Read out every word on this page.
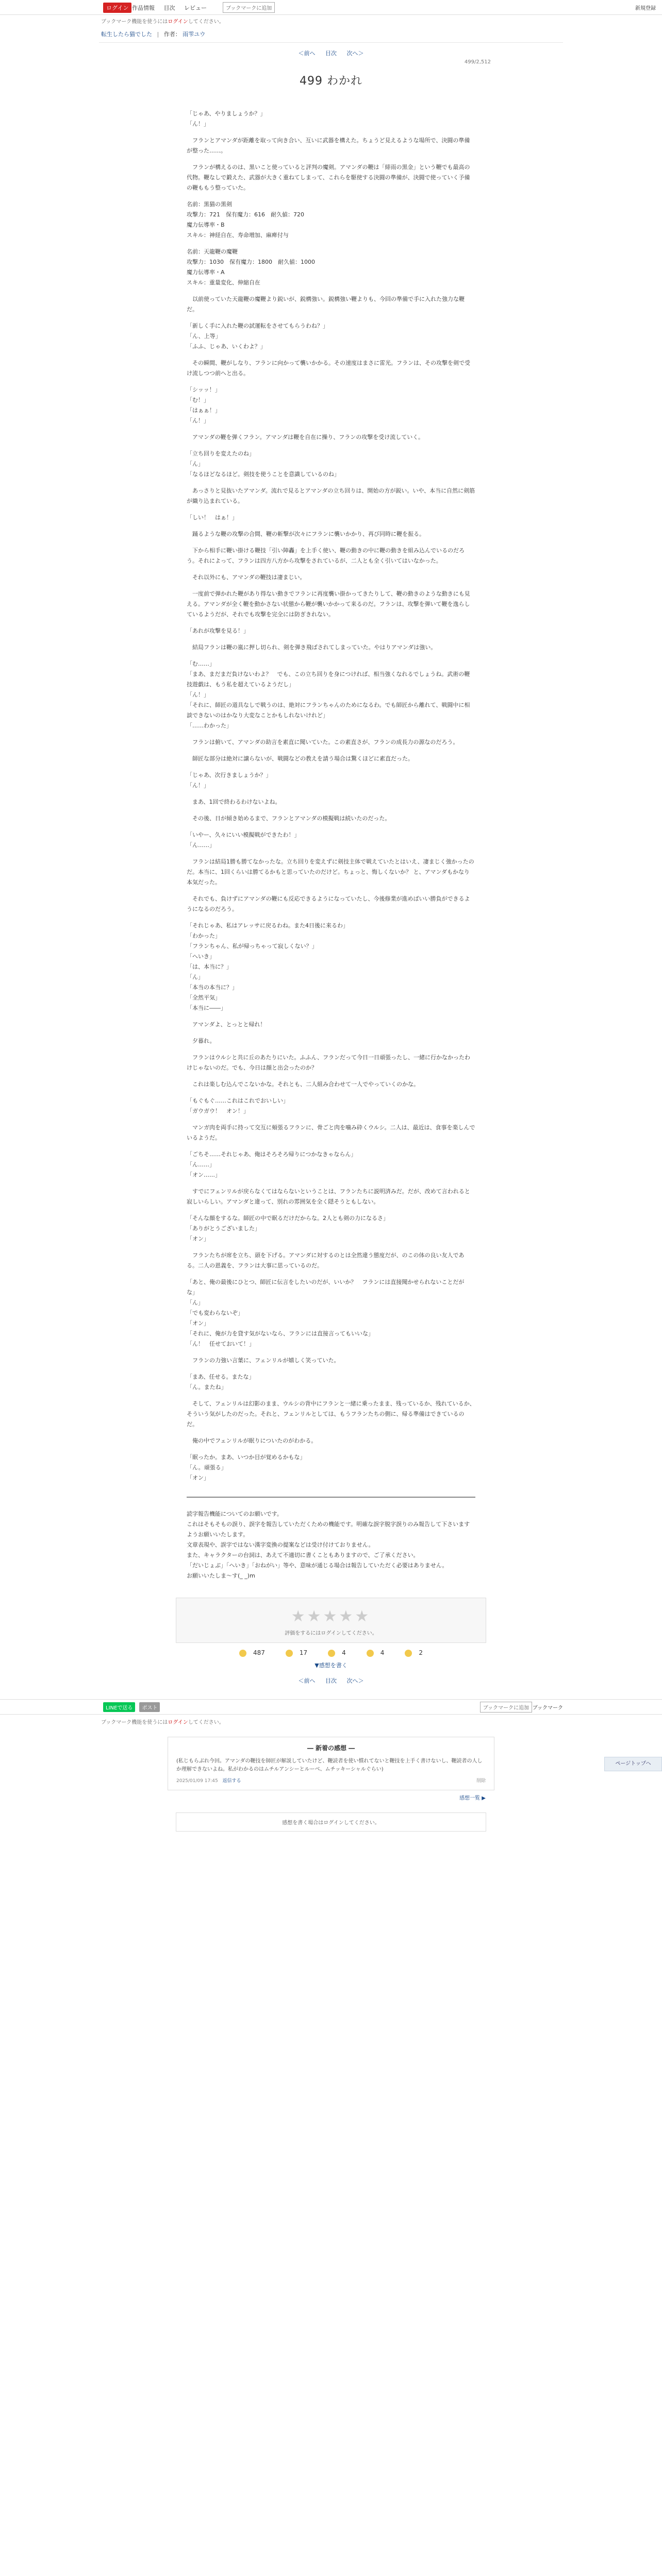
ログイン 作品情報 目次 レビュー	ブックマークに追加	新規登録
ブックマーク機能を使うにはログインしてください。
転生したら猫でした | 作者： 雨雫ユウ
＜前へ 目次 次へ＞
499/2,512
499 わかれ

「じゃあ、やりましょうか？」
「ん！」

　フランとアマンダが距離を取って向き合い、互いに武器を構えた。ちょうど見えるような場所で、決闘の準備が整った……。

　フランが構えるのは、黒いこと使っていると評判の魔剣。アマンダの鞭は「緋雨の黒金」という鞭でも最高の代物。鞭なしで鍛えた、武器が大きく重ねてしまって、これらを駆使する決闘の準備が、決闘で使っていく予備の鞭ももう整っていた。

名前：黒猫の黒剣
攻撃力：721　保有魔力：616　耐久値：720
魔力伝導率・B
スキル：神経自在、寿命増加、麻痺付与

名前：天龍鞭の魔鞭
攻撃力：1030　保有魔力：1800　耐久値：1000
魔力伝導率・A
スキル：重量変化、伸縮自在

　以前使っていた天龍鞭の魔鞭より鋭いが、鋭構強い。鋭構強い鞭よりも、今回の準備で手に入れた強力な鞭だ。

「新しく手に入れた鞭の試運転をさせてもらうわね？」
「ん、上等」
「ふふ、じゃあ、いくわよ？」

　その瞬間、鞭がしなり、フランに向かって襲いかかる。その速度はまさに雷光。フランは、その攻撃を剣で受け流しつつ前へと出る。

「シッッ！」
「む！」
「はぁぁ！」
「ん！」

　アマンダの鞭を弾くフラン。アマンダは鞭を自在に操り、フランの攻撃を受け流していく。

「立ち回りを変えたのね」
「ん」
「なるほどなるほど。剣技を使うことを意識しているのね」

　あっさりと見抜いたアマンダ。流れで見るとアマンダの立ち回りは、開始の方が鋭い。いや、本当に自然に剣筋が織り込まれている。

「しい！　はぁ！」

　踊るような鞭の攻撃の合間、鞭の斬撃が次々にフランに襲いかかり、再び同時に鞭を振る。

　下から相手に鞭い掛ける鞭技「引い陣轟」を上手く使い、鞭の動きの中に鞭の動きを組み込んでいるのだろう。それによって、フランは四方八方から攻撃をされているが、二人とも全く引いてはいなかった。

　それ以外にも、アマンダの鞭技は凄まじい。

　一度前で弾かれた鞭があり得ない動きでフランに再度襲い掛かってきたりして、鞭の動きのような動きにも見える。アマンダが全く鞭を動かさない状態から鞭が襲いかかって来るのだ。フランは、攻撃を弾いて鞭を逸らしているようだが、それでも攻撃を完全には防ぎきれない。

「あれが攻撃を見る！」

　結局フランは鞭の嵐に押し切られ、剣を弾き飛ばされてしまっていた。やはりアマンダは強い。

「む……」
「まあ、まだまだ負けないわよ？　でも、この立ち回りを身につければ、相当強くなれるでしょうね。武術の鞭技遊戯は、もう私を超えているようだし」
「ん！」
「それに、師匠の道具なしで戦うのは、絶対にフランちゃんのためになるわ。でも師匠から離れて、戦闘中に相談できないのはかなり大変なことかもしれないけれど」
「……わかった」

　フランは俯いて、アマンダの助言を素直に聞いていた。この素直さが、フランの成長力の源なのだろう。

　師匠な部分は絶対に譲らないが、戦闘などの教えを請う場合は驚くほどに素直だった。

「じゃあ、次行きましょうか？」
「ん！」

　まあ、1回で終わるわけないよね。

　その後、日が傾き始めるまで、フランとアマンダの模擬戦は続いたのだった。

「いやー、久々にいい模擬戦ができたわ！」
「ん……」

　フランは結局1勝も勝てなかったな。立ち回りを変えずに剣技主体で戦えていたとはいえ、凄まじく強かったのだ。本当に、1回くらいは勝てるかもと思っていたのだけど。ちょっと、悔しくないか？ と、アマンダもかなり本気だった。

　それでも、負けずにアマンダの鞭にも反応できるようになっていたし、今後修業が進めばいい勝負ができるようになるのだろう。

「それじゃあ、私はアレッサに戻るわね。また4日後に来るわ」
「わかった」
「フランちゃん、私が帰っちゃって寂しくない？」
「へいき」
「は、本当に？」
「ん」
「本当の本当に？」
「全然平気」
「本当に――」

　アマンダよ、とっとと帰れ！

　夕暮れ。

　フランはウルシと共に丘のあたりにいた。ふふん、フランだって今日一日頑張ったし、一緒に行かなかったわけじゃないのだ。でも、今日は顔と出会ったのか？

　これは楽しむ込んでこないかな。それとも、二人組み合わせて一人でやっていくのかな。

「もぐもぐ……これはこれでおいしい」
「ガウガウ！　オン！」

　マンガ肉を両手に持って交互に頬張るフランに、骨ごと肉を噛み砕くウルシ。二人は、最近は、食事を楽しんでいるようだ。

「ごちそ……それじゃあ、俺はそろそろ帰りにつかなきゃならん」
「ん……」
「オン……」

　すでにフェンリルが戻らなくてはならないということは、フランたちに説明済みだ。だが、改めて言われると寂しいらしい。アマンダと違って、別れの雰囲気を全く隠そうともしない。

「そんな顔をするな。師匠の中で眠るだけだからな。2人とも剣の力になるさ」
「ありがとうございました」
「オン」

　フランたちが席を立ち、頭を下げる。アマンダに対するのとは全然違う態度だが、のこの体の良い友人である。二人の恩義を、フランは大事に思っているのだ。

「あと、俺の最後にひとつ、師匠に伝言をしたいのだが、いいか？　フランには直接聞かせられないことだがな」
「ん」
「でも変わらないぞ」
「オン」
「それに、俺が力を貸す気がないなら、フランには直接言ってもいいな」
「ん！　任せておいて！」

　フランの力強い言葉に、フェンリルが嬉しく笑っていた。

「まあ、任せる。またな」
「ん。またね」

　そして、フェンリルは幻影のまま、ウルシの背中にフランと一緒に乗ったまま、残っているか、残れているか、そういう気がしたのだった。それと、フェンリルとしては、もうフランたちの側に、帰る準備はできているのだ。

　俺の中でフェンリルが眠りについたのがわかる。

「眠ったか。まあ、いつか目が覚めるかもな」
「ん。頑張る」
「オン」

ページトップへ
読字報告機能についてのお願いです。
これはそもそもの誤り、誤字を報告していただくための機能です。明確な誤字脱字誤りのみ報告して下さいますようお願いいたします。
文章表現や、誤字ではない漢字変換の提案などは受け付けておりません。
また、キャラクターの台詞は、あえて不適切に書くこともありますので、ご了承ください。
「だいじょぶ」「へいき」「おねがい」等や、意味が通じる場合は報告していただく必要はありません。
お願いいたしま～す(_ _)m
★★★★★
評価をするにはログインしてください。
487	17	4	4	2
▼感想を書く
＜前へ 目次 次へ＞
LINEで送る ポスト	ブックマークに追加 ブックマーク
ブックマーク機能を使うにはログインしてください。
― 新着の感想 ―
(私じもらぶれ今回。アマンダの鞭技を師匠が解説していたけど、鞭読者を使い慣れてないと鞭技を上手く書けないし、鞭読者の人しか理解できないよね。私がわかるのはムチルアンシーとルーベ、ムチッキーシャルぐらい)
2025/01/09 17:45 返信する	削除
感想一覧 ▶
感想を書く場合はログインしてください。
